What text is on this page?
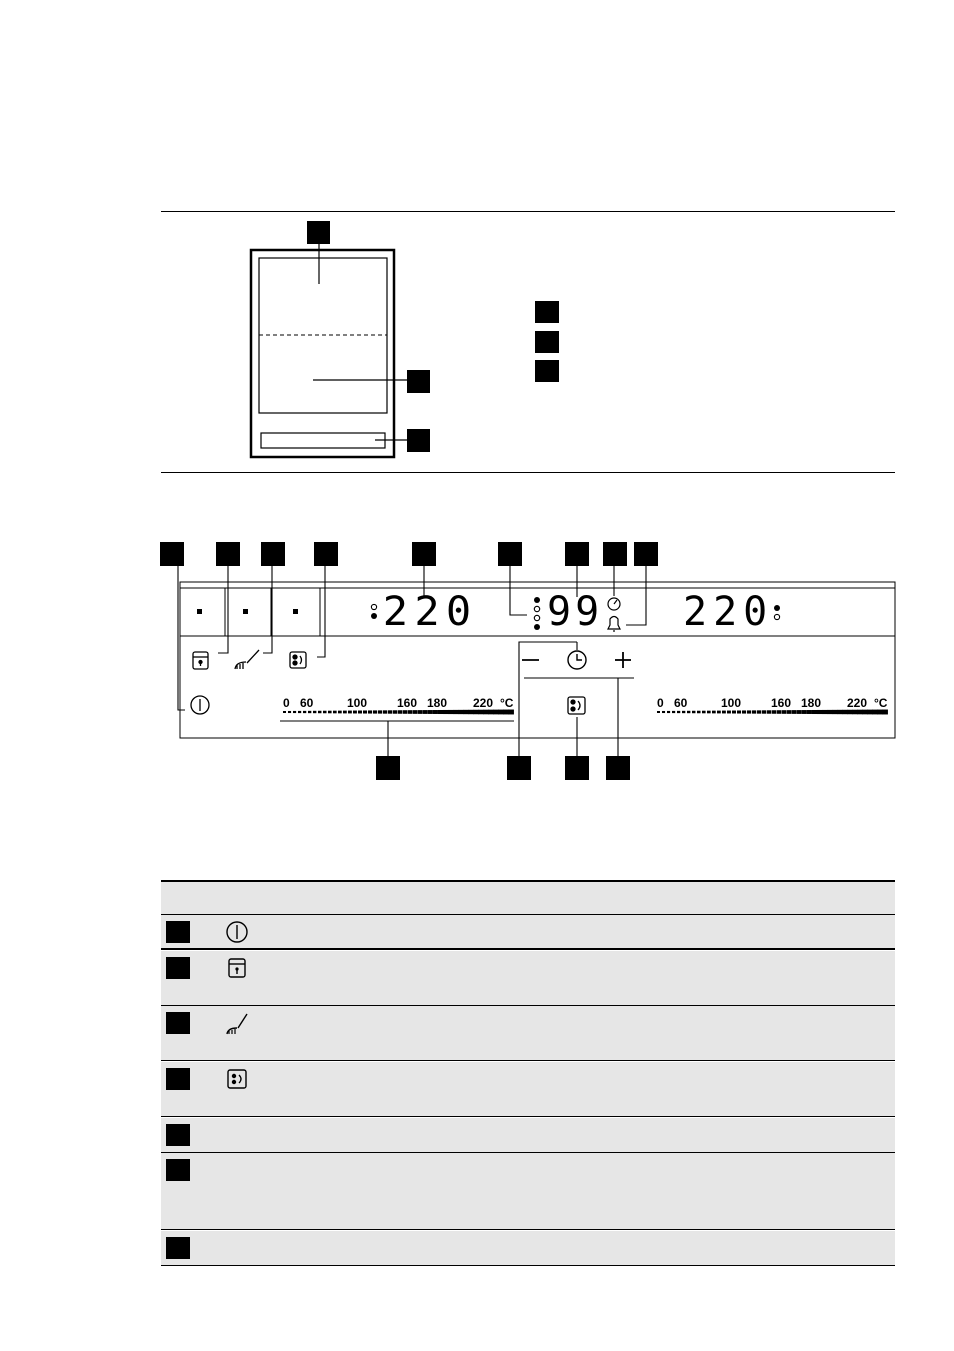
220 99 220
0 60	100 160 180 220 °C	0 60	100 160 180 220 °C
